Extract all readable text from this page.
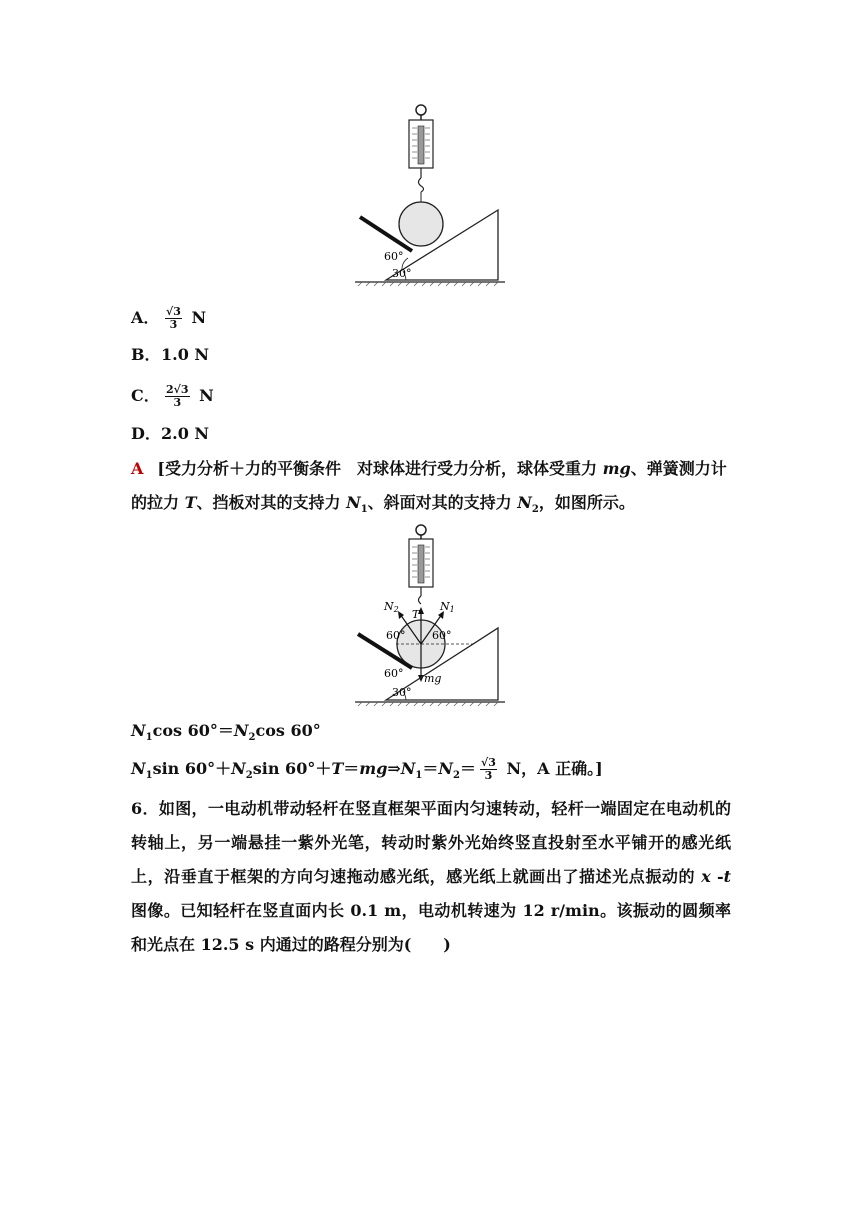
60°
30°
A． $\frac{√3}{3}$ N
B．1.0 N
C． $\frac{2√3}{3}$ N
D．2.0 N
A [受力分析＋力的平衡条件　 对球体进行受力分析，球体受重力 mg、弹簧测力计的拉力 T、挡板对其的支持力 $N_1$、斜面对其的支持力 $N_2$，如图所示。
N2	N1
T
60° 60°
60°
30°
mg
$N_1\cos$ $60^\circ=N_2\cos$ 60°
$N_1\sin$ $60^\circ+N_2\sin$ $60^\circ+T=mg\Rightarrow N_1=N_2= \frac{√3}{3}$ N，A 正确。]
6．如图，一电动机带动轻杆在竖直框架平面内匀速转动，轻杆一端固定在电动机的转轴上，另一端悬挂一紫外光笔，转动时紫外光始终竖直投射至水平铺开的感光纸上，沿垂直于框架的方向匀速拖动感光纸，感光纸上就画出了描述光点振动的 x -t 图像。已知轻杆在竖直面内长 0.1 m，电动机转速为 12 r/min。该振动的圆频率和光点在 12.5 s 内通过的路程分别为(　　)
